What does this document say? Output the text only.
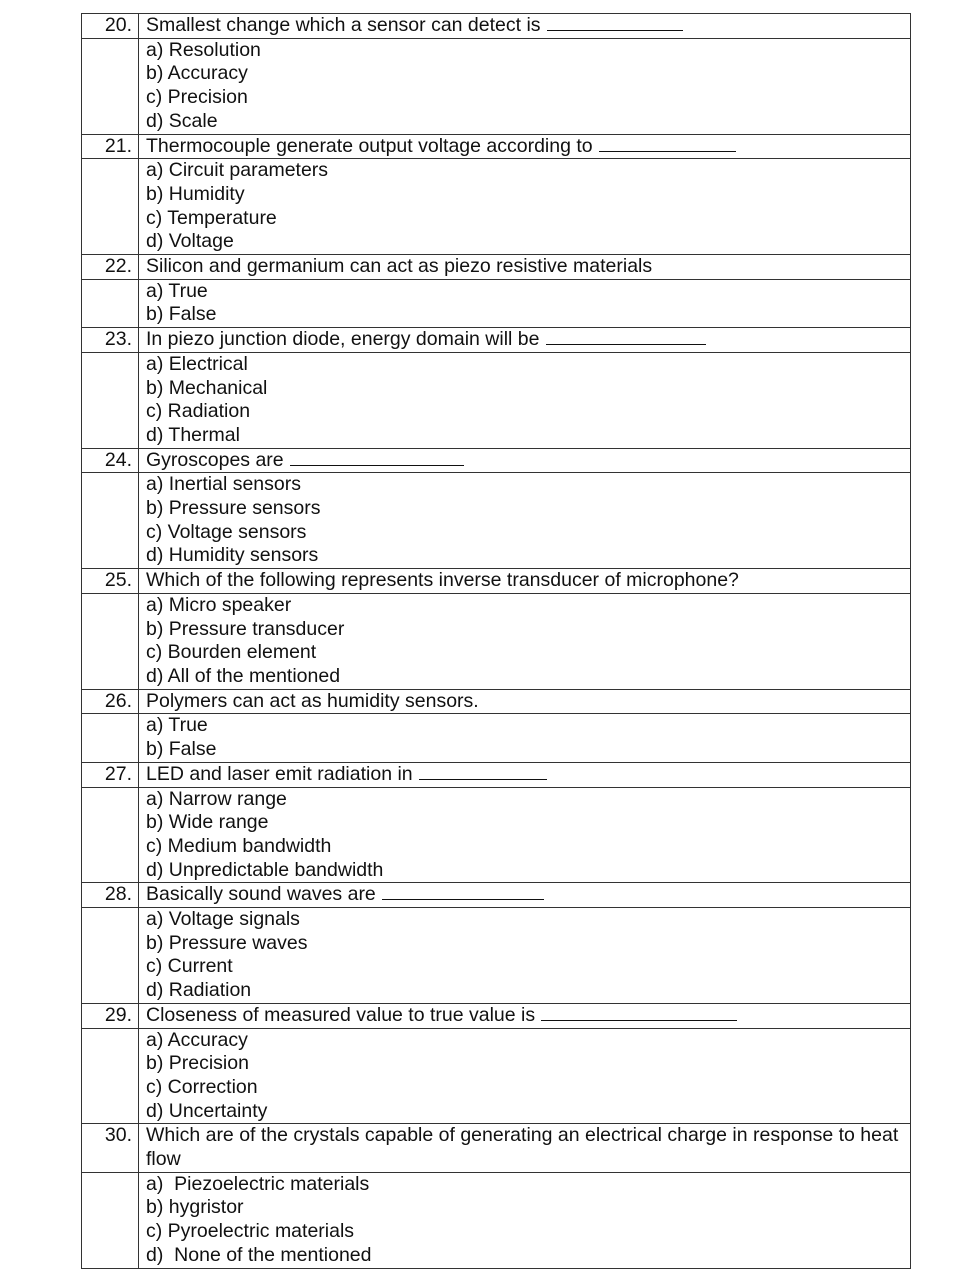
20.	Smallest change which a sensor can detect is

	a) Resolution
b) Accuracy
c) Precision
d) Scale

21.	Thermocouple generate output voltage according to

	a) Circuit parameters
b) Humidity
c) Temperature
d) Voltage

22.	Silicon and germanium can act as piezo resistive materials

	a) True
b) False

23.	In piezo junction diode, energy domain will be

	a) Electrical
b) Mechanical
c) Radiation
d) Thermal

24.	Gyroscopes are

	a) Inertial sensors
b) Pressure sensors
c) Voltage sensors
d) Humidity sensors

25.	Which of the following represents inverse transducer of microphone?

	a) Micro speaker
b) Pressure transducer
c) Bourden element
d) All of the mentioned

26.	Polymers can act as humidity sensors.

	a) True
b) False

27.	LED and laser emit radiation in

	a) Narrow range
b) Wide range
c) Medium bandwidth
d) Unpredictable bandwidth

28.	Basically sound waves are

	a) Voltage signals
b) Pressure waves
c) Current
d) Radiation

29.	Closeness of measured value to true value is

	a) Accuracy
b) Precision
c) Correction
d) Uncertainty

30.	Which are of the crystals capable of generating an electrical charge in response to heat flow

	a)  Piezoelectric materials
b) hygristor
c) Pyroelectric materials
d)  None of the mentioned
